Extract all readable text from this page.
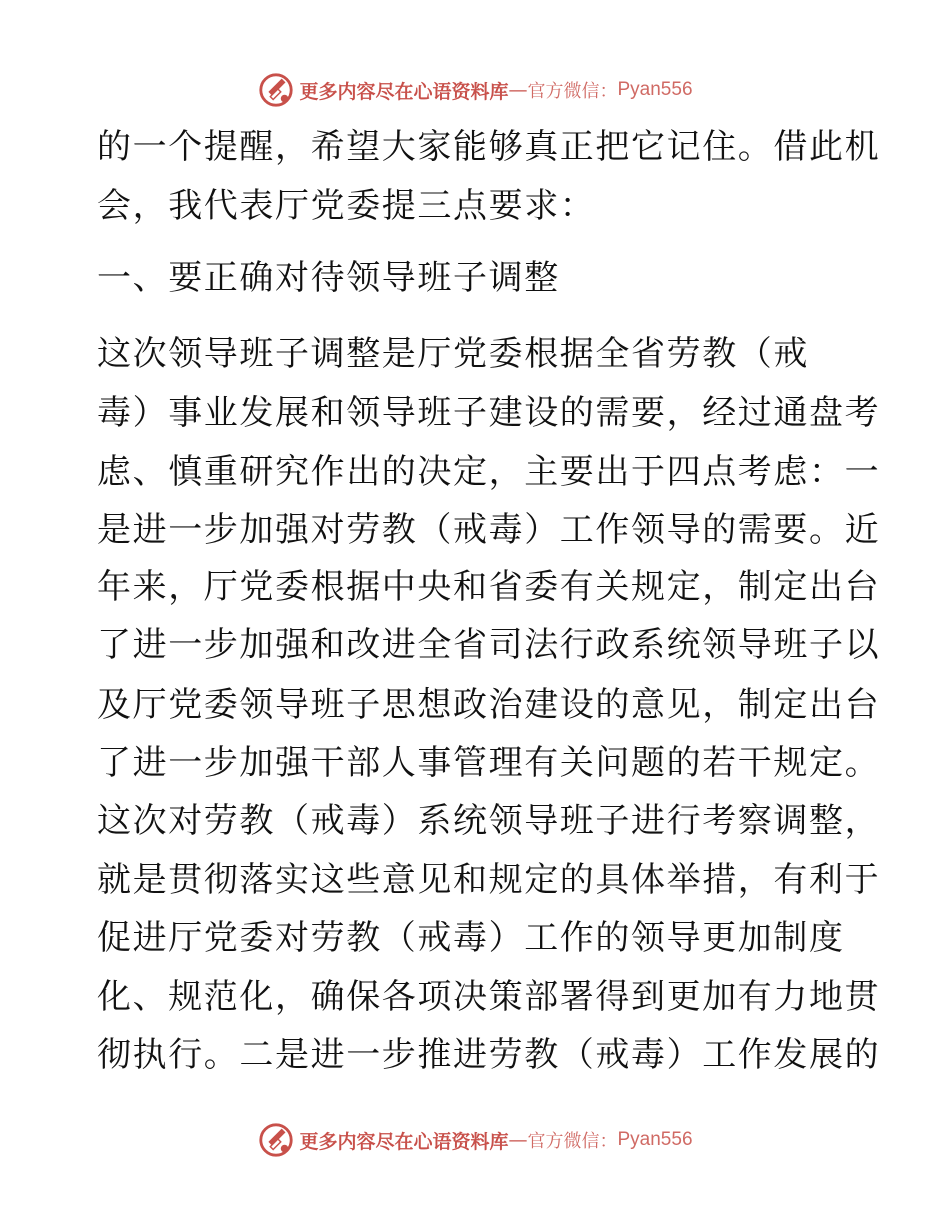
更多内容尽在心语资料库 — 官方微信： Pyan556
的一个提醒，希望大家能够真正把它记住。借此机
会，我代表厅党委提三点要求：
一、要正确对待领导班子调整
这次领导班子调整是厅党委根据全省劳教（戒
毒）事业发展和领导班子建设的需要，经过通盘考
虑、慎重研究作出的决定，主要出于四点考虑：一
是进一步加强对劳教（戒毒）工作领导的需要。近
年来，厅党委根据中央和省委有关规定，制定出台
了进一步加强和改进全省司法行政系统领导班子以
及厅党委领导班子思想政治建设的意见，制定出台
了进一步加强干部人事管理有关问题的若干规定。
这次对劳教（戒毒）系统领导班子进行考察调整，
就是贯彻落实这些意见和规定的具体举措，有利于
促进厅党委对劳教（戒毒）工作的领导更加制度
化、规范化，确保各项决策部署得到更加有力地贯
彻执行。二是进一步推进劳教（戒毒）工作发展的
更多内容尽在心语资料库 — 官方微信： Pyan556
